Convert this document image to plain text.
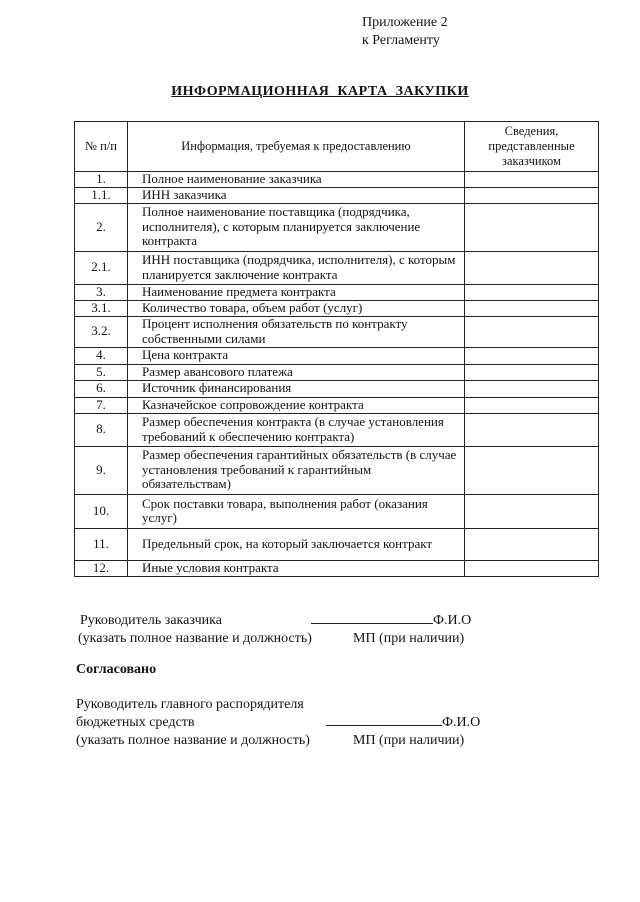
Приложение 2
к Регламенту
ИНФОРМАЦИОННАЯ КАРТА ЗАКУПКИ
№ п/п	Информация, требуемая к предоставлению	Сведения, представленные заказчиком
1.	Полное наименование заказчика	
1.1.	ИНН заказчика	
2.	Полное наименование поставщика (подрядчика, исполнителя), с которым планируется заключение контракта	
2.1.	ИНН поставщика (подрядчика, исполнителя), с которым планируется заключение контракта	
3.	Наименование предмета контракта	
3.1.	Количество товара, объем работ (услуг)	
3.2.	Процент исполнения обязательств по контракту собственными силами	
4.	Цена контракта	
5.	Размер авансового платежа	
6.	Источник финансирования	
7.	Казначейское сопровождение контракта	
8.	Размер обеспечения контракта (в случае установления требований к обеспечению контракта)	
9.	Размер обеспечения гарантийных обязательств (в случае установления требований к гарантийным обязательствам)	
10.	Срок поставки товара, выполнения работ (оказания услуг)	
11.	Предельный срок, на который заключается контракт	
12.	Иные условия контракта	
Руководитель заказчика	Ф.И.О
(указать полное название и должность)	МП (при наличии)
Согласовано
Руководитель главного распорядителя
бюджетных средств	Ф.И.О
(указать полное название и должность)	МП (при наличии)
